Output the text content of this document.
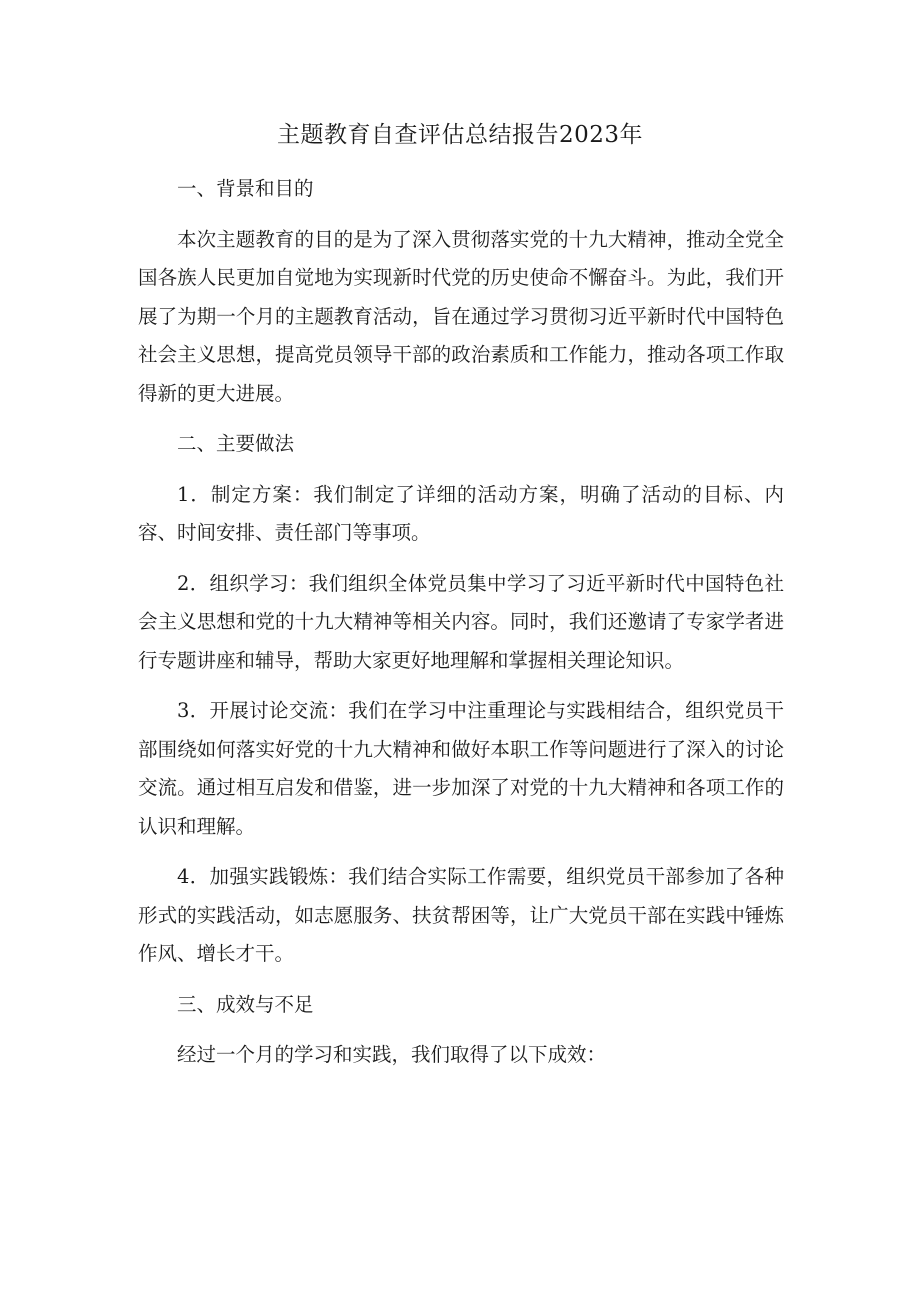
主题教育自查评估总结报告2023年

一、背景和目的

本次主题教育的目的是为了深入贯彻落实党的十九大精神，推动全党全国各族人民更加自觉地为实现新时代党的历史使命不懈奋斗。为此，我们开展了为期一个月的主题教育活动，旨在通过学习贯彻习近平新时代中国特色社会主义思想，提高党员领导干部的政治素质和工作能力，推动各项工作取得新的更大进展。

二、主要做法

1．制定方案：我们制定了详细的活动方案，明确了活动的目标、内容、时间安排、责任部门等事项。

2．组织学习：我们组织全体党员集中学习了习近平新时代中国特色社会主义思想和党的十九大精神等相关内容。同时，我们还邀请了专家学者进行专题讲座和辅导，帮助大家更好地理解和掌握相关理论知识。

3．开展讨论交流：我们在学习中注重理论与实践相结合，组织党员干部围绕如何落实好党的十九大精神和做好本职工作等问题进行了深入的讨论交流。通过相互启发和借鉴，进一步加深了对党的十九大精神和各项工作的认识和理解。

4．加强实践锻炼：我们结合实际工作需要，组织党员干部参加了各种形式的实践活动，如志愿服务、扶贫帮困等，让广大党员干部在实践中锤炼作风、增长才干。

三、成效与不足

经过一个月的学习和实践，我们取得了以下成效：
